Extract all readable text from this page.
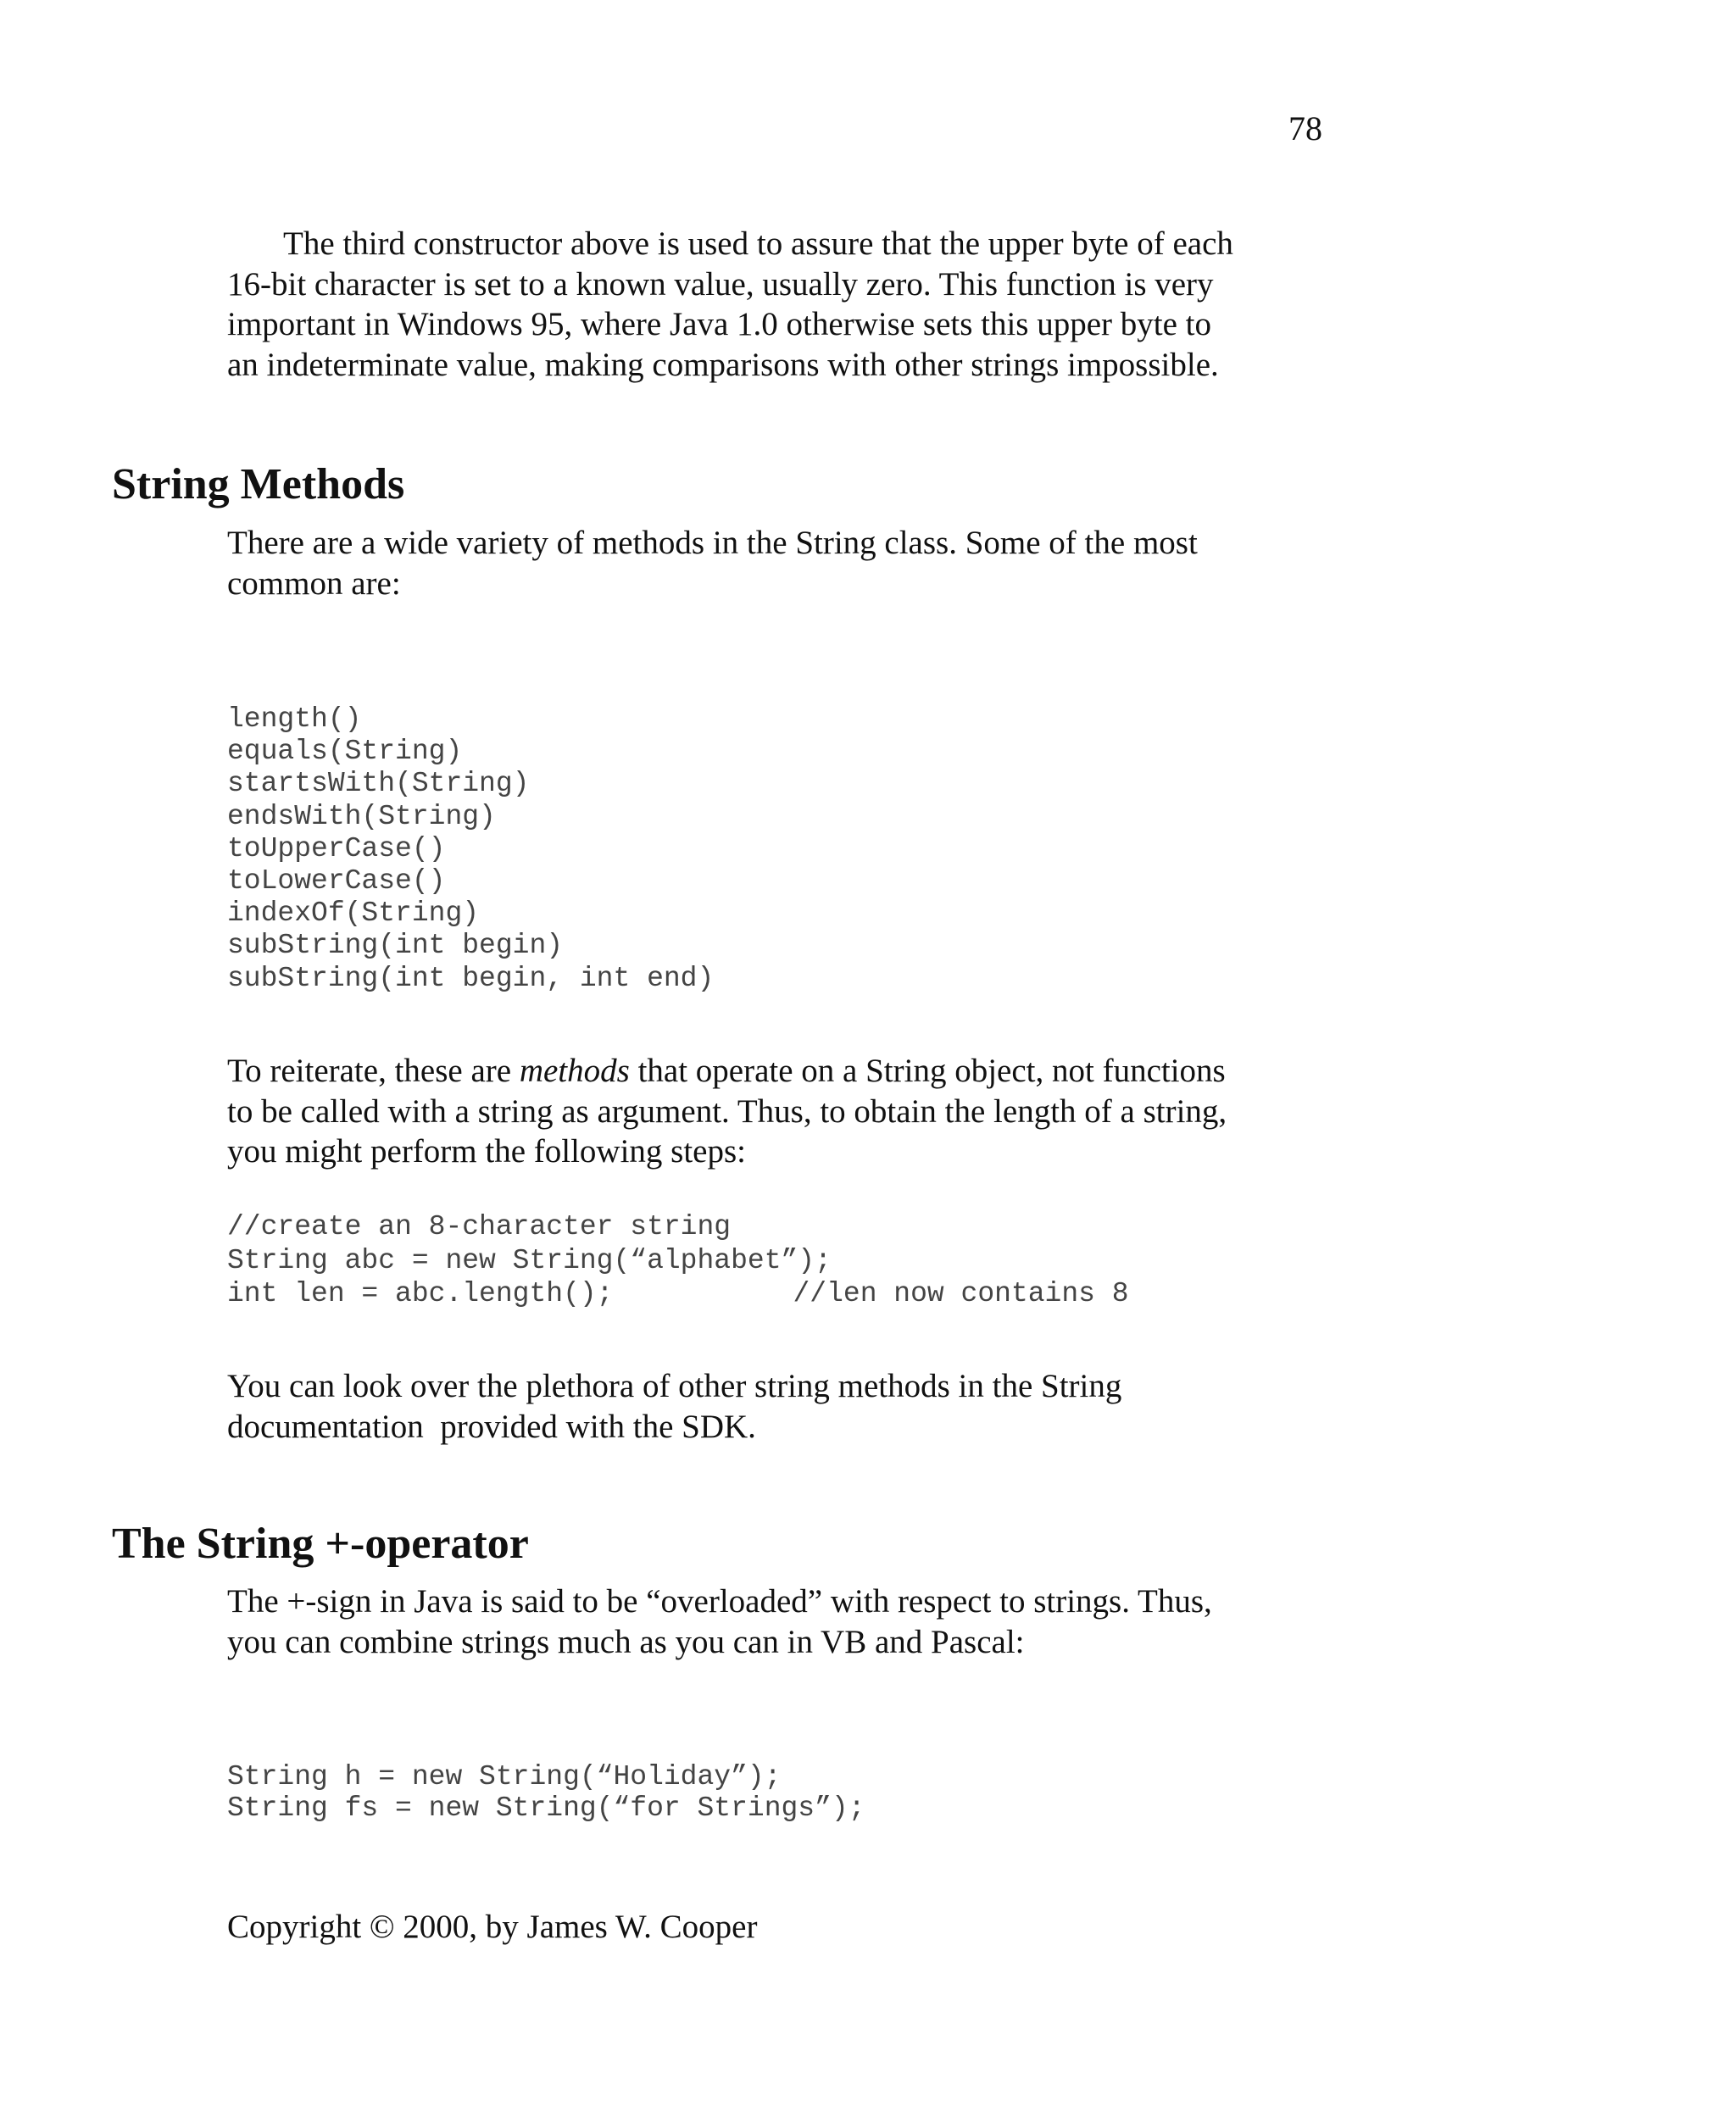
78

The third constructor above is used to assure that the upper byte of each
16-bit character is set to a known value, usually zero. This function is very
important in Windows 95, where Java 1.0 otherwise sets this upper byte to
an indeterminate value, making comparisons with other strings impossible.

String Methods

There are a wide variety of methods in the String class. Some of the most
common are:

length()
equals(String)
startsWith(String)
endsWith(String)
toUpperCase()
toLowerCase()
indexOf(String)
subString(int begin)
subString(int begin, int end)

To reiterate, these are methods that operate on a String object, not functions
to be called with a string as argument. Thus, to obtain the length of a string,
you might perform the following steps:

//create an 8-character string
String abc = new String(“alphabet”);
int len = abc.length();	//len now contains 8

You can look over the plethora of other string methods in the String
documentation  provided with the SDK.

The String +-operator

The +-sign in Java is said to be “overloaded” with respect to strings. Thus,
you can combine strings much as you can in VB and Pascal:

String h = new String(“Holiday”);
String fs = new String(“for Strings”);
Copyright © 2000, by James W. Cooper
